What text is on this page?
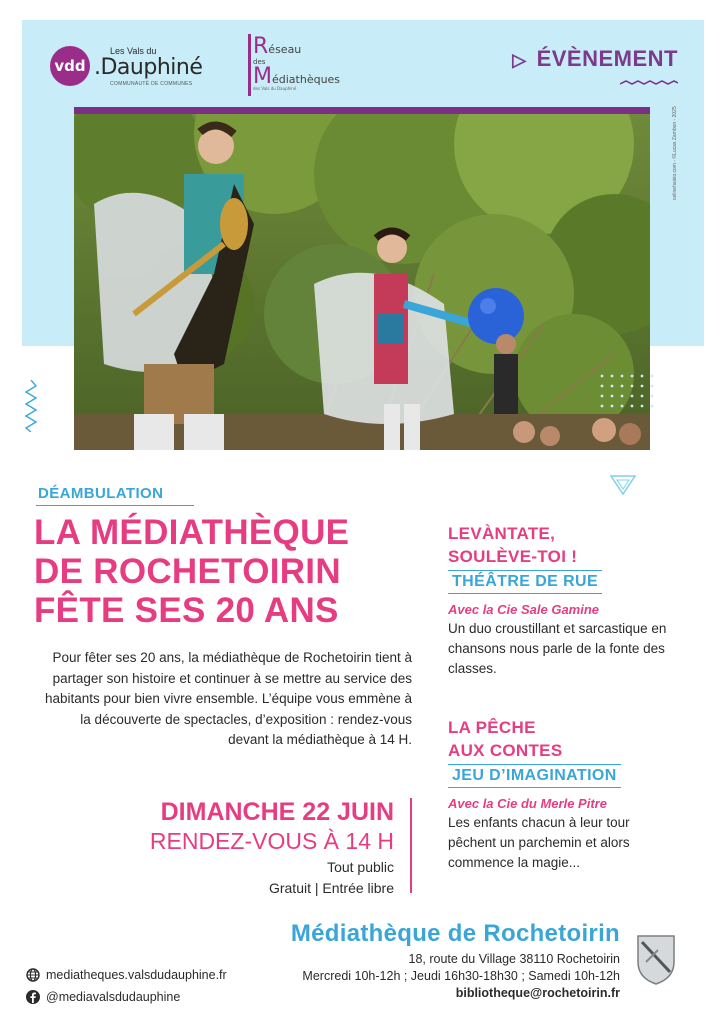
vdd
Les Vals du
.Dauphiné
COMMUNAUTÉ DE COMMUNES
Réseau
des
Médiathèques
des Vals du Dauphiné
▷ ÉVÈNEMENT
celinehaisio.com - ©Lucas Zambon - 2025
DÉAMBULATION
LA MÉDIATHÈQUE
DE ROCHETOIRIN
FÊTE SES 20 ANS
Pour fêter ses 20 ans, la médiathèque de Rochetoirin tient à partager son histoire et continuer à se mettre au service des habitants pour bien vivre ensemble. L’équipe vous emmène à la découverte de spectacles, d’exposition : rendez-vous devant la médiathèque à 14 H.
DIMANCHE 22 JUIN
RENDEZ-VOUS À 14 H
Tout public
Gratuit | Entrée libre
LEVÀNTATE,
SOULÈVE-TOI !
THÉÂTRE DE RUE
Avec la Cie Sale Gamine
Un duo croustillant et sarcastique en chansons nous parle de la fonte des classes.
LA PÊCHE
AUX CONTES
JEU D’IMAGINATION
Avec la Cie du Merle Pitre
Les enfants chacun à leur tour pêchent un parchemin et alors commence la magie...
Médiathèque de Rochetoirin
18, route du Village 38110 Rochetoirin
Mercredi 10h-12h ; Jeudi 16h30-18h30 ; Samedi 10h-12h
bibliotheque@rochetoirin.fr
mediatheques.valsdudauphine.fr
@mediavalsdudauphine
